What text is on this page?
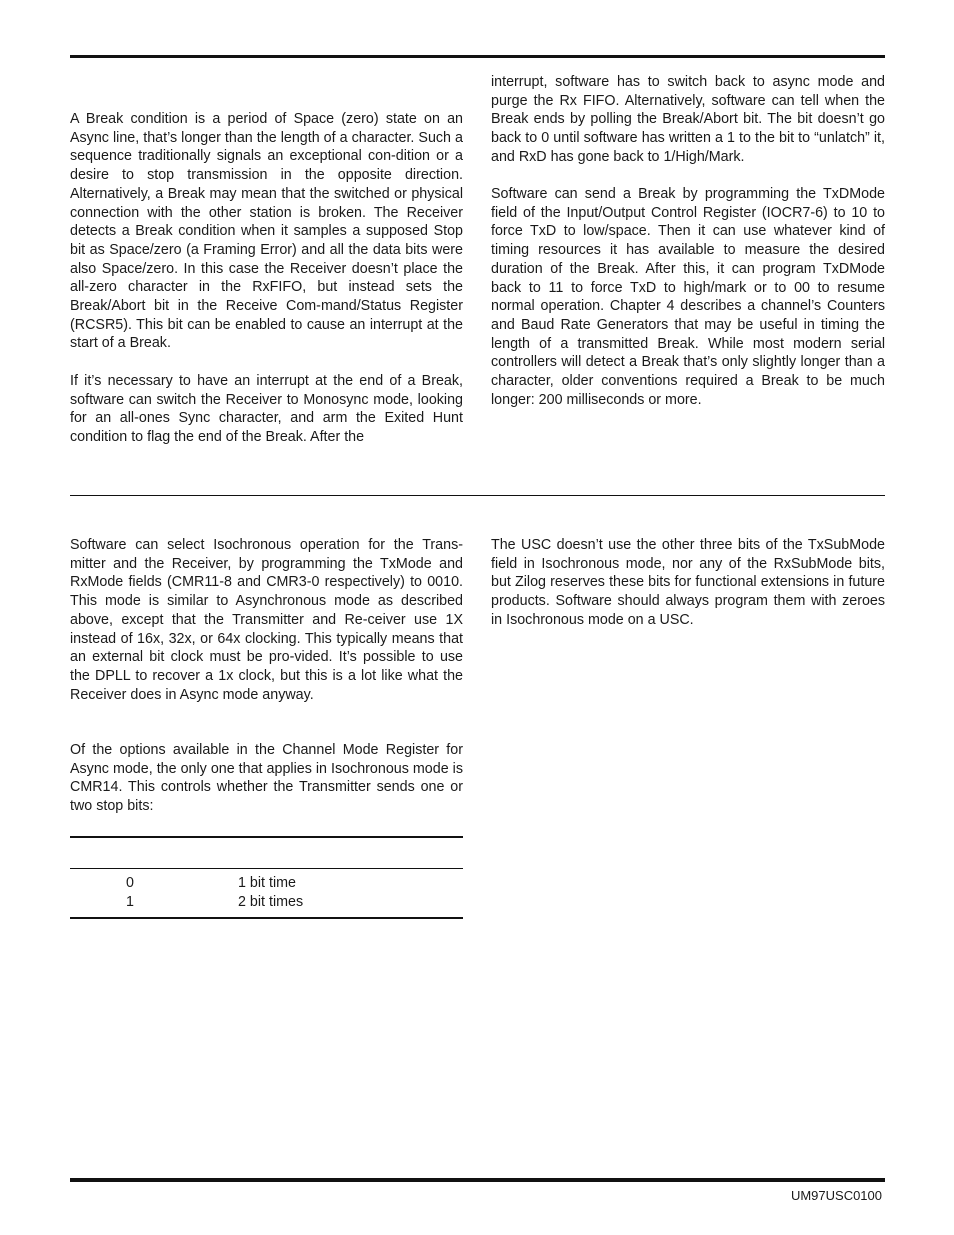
A Break condition is a period of Space (zero) state on an Async line, that’s longer than the length of a character. Such a sequence traditionally signals an exceptional con-dition or a desire to stop transmission in the opposite direction. Alternatively, a Break may mean that the switched or physical connection with the other station is broken. The Receiver detects a Break condition when it samples a supposed Stop bit as Space/zero (a Framing Error) and all the data bits were also Space/zero. In this case the Receiver doesn’t place the all-zero character in the RxFIFO, but instead sets the Break/Abort bit in the Receive Com-mand/Status Register (RCSR5). This bit can be enabled to cause an interrupt at the start of a Break.

If it’s necessary to have an interrupt at the end of a Break, software can switch the Receiver to Monosync mode, looking for an all-ones Sync character, and arm the Exited Hunt condition to flag the end of the Break. After the

interrupt, software has to switch back to async mode and purge the Rx FIFO. Alternatively, software can tell when the Break ends by polling the Break/Abort bit. The bit doesn’t go back to 0 until software has written a 1 to the bit to “unlatch” it, and RxD has gone back to 1/High/Mark.

Software can send a Break by programming the TxDMode field of the Input/Output Control Register (IOCR7-6) to 10 to force TxD to low/space. Then it can use whatever kind of timing resources it has available to measure the desired duration of the Break. After this, it can program TxDMode back to 11 to force TxD to high/mark or to 00 to resume normal operation. Chapter 4 describes a channel’s Counters and Baud Rate Generators that may be useful in timing the length of a transmitted Break. While most modern serial controllers will detect a Break that’s only slightly longer than a character, older conventions required a Break to be much longer: 200 milliseconds or more.

Software can select Isochronous operation for the Trans-mitter and the Receiver, by programming the TxMode and RxMode fields (CMR11-8 and CMR3-0 respectively) to 0010. This mode is similar to Asynchronous mode as described above, except that the Transmitter and Re-ceiver use 1X instead of 16x, 32x, or 64x clocking. This typically means that an external bit clock must be pro-vided. It’s possible to use the DPLL to recover a 1x clock, but this is a lot like what the Receiver does in Async mode anyway.

Of the options available in the Channel Mode Register for Async mode, the only one that applies in Isochronous mode is CMR14. This controls whether the Transmitter sends one or two stop bits:

The USC doesn’t use the other three bits of the TxSubMode field in Isochronous mode, nor any of the RxSubMode bits, but Zilog reserves these bits for functional extensions in future products. Software should always program them with zeroes in Isochronous mode on a USC.

0	1 bit time
1	2 bit times
UM97USC0100
